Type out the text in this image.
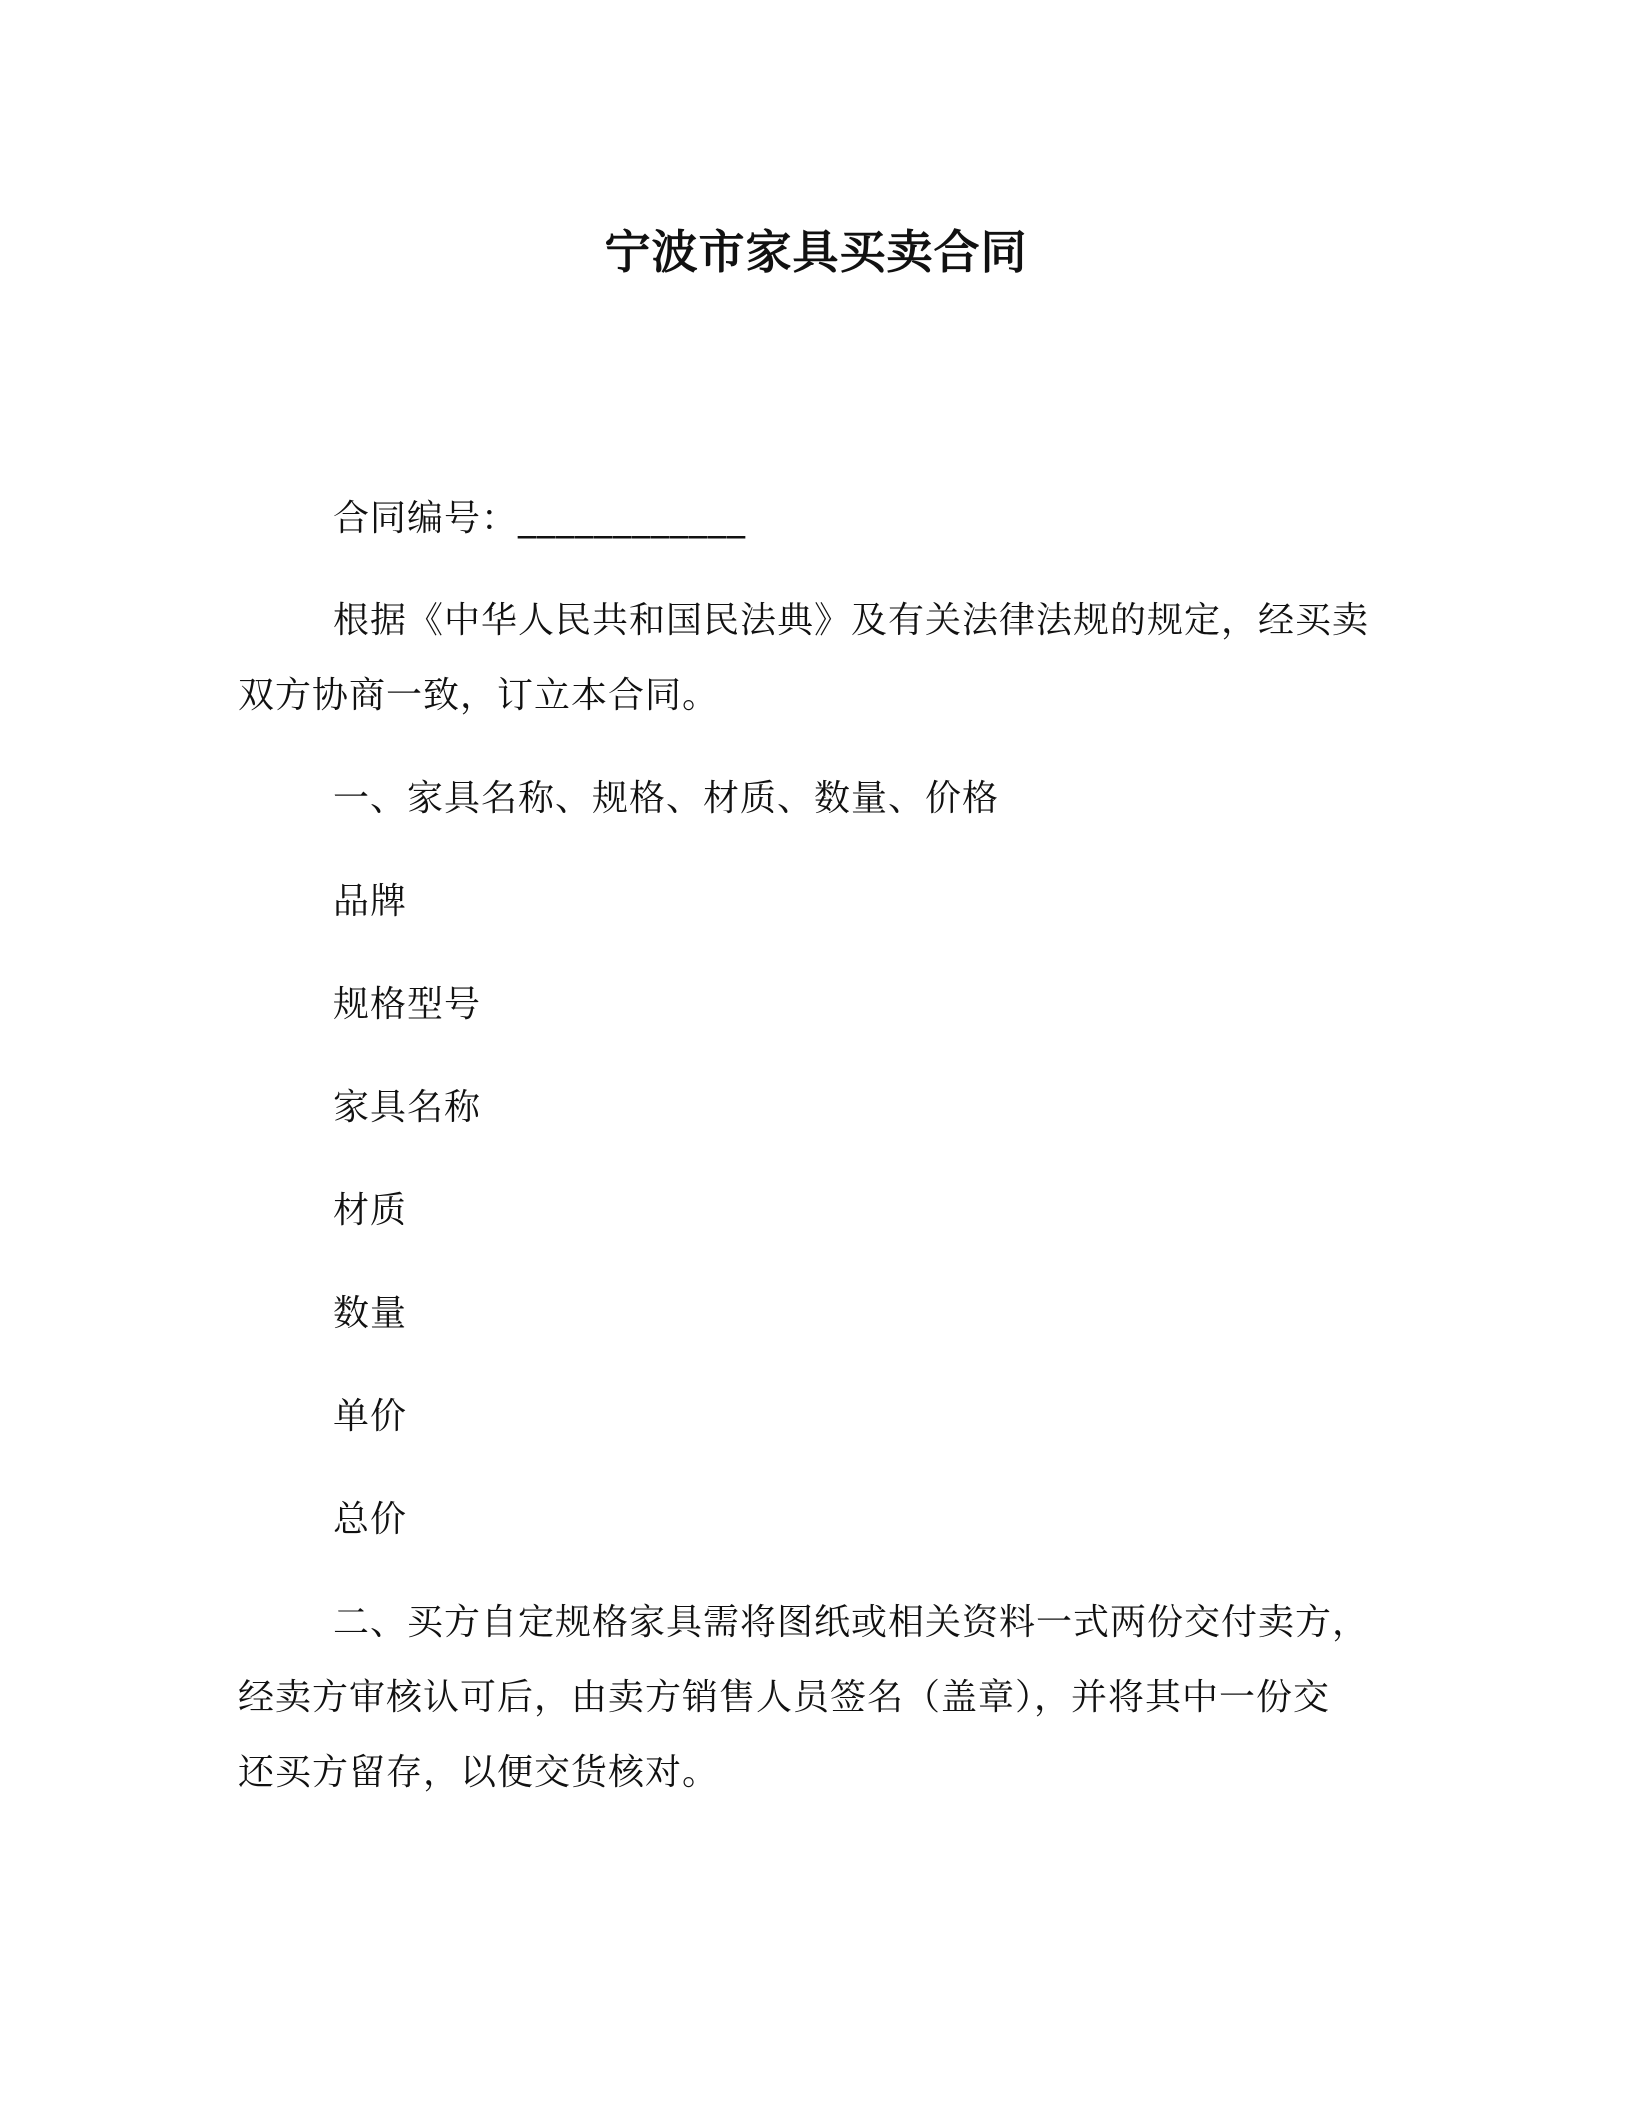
宁波市家具买卖合同
合同编号：____________
根据《中华人民共和国民法典》及有关法律法规的规定，经买卖
双方协商一致，订立本合同。
一、家具名称、规格、材质、数量、价格
品牌
规格型号
家具名称
材质
数量
单价
总价
二、买方自定规格家具需将图纸或相关资料一式两份交付卖方，
经卖方审核认可后，由卖方销售人员签名（盖章），并将其中一份交
还买方留存，以便交货核对。
